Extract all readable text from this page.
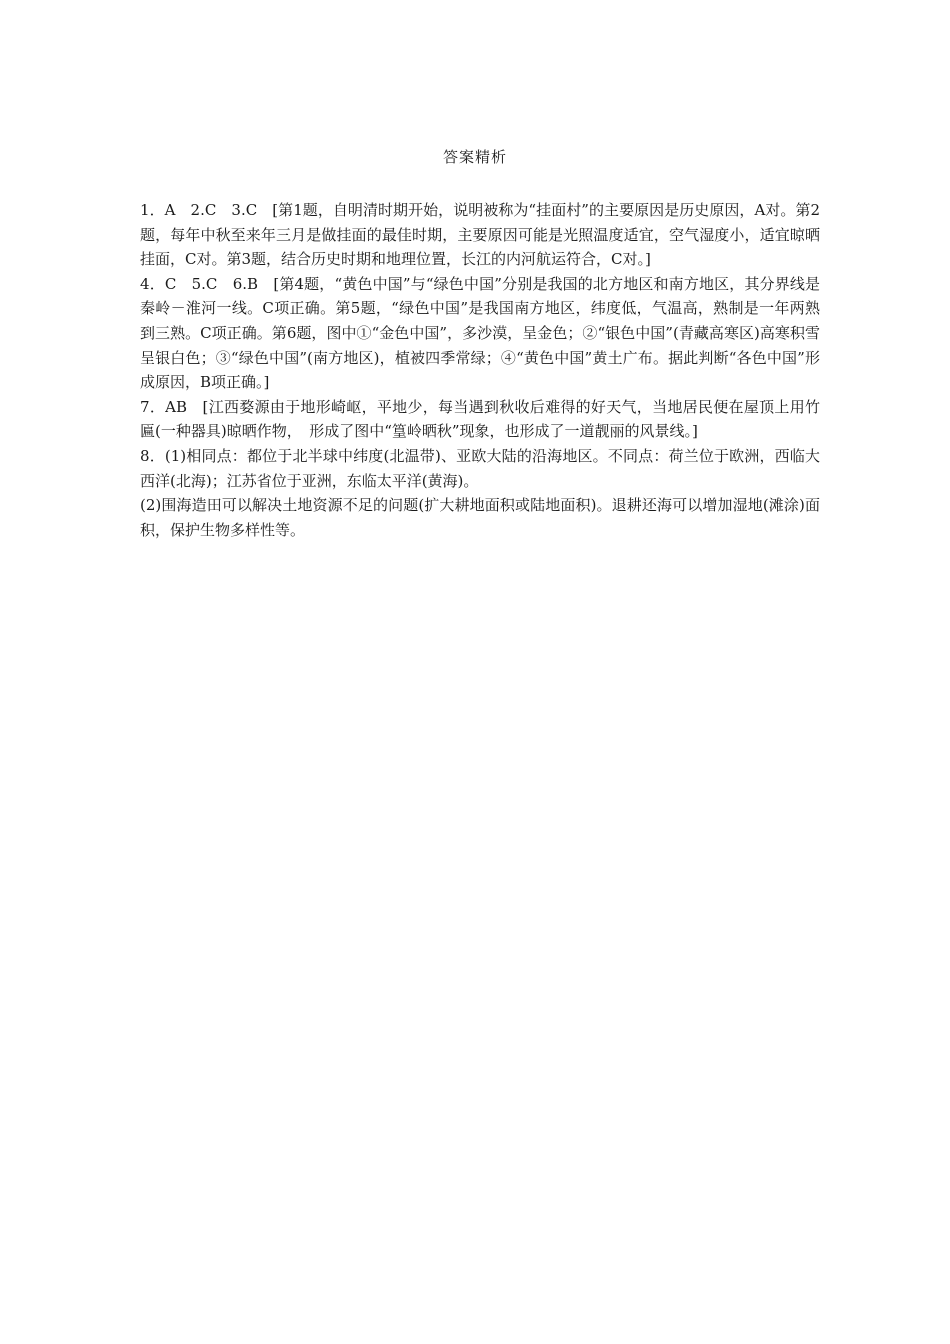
答案精析

1．A　2.C　3.C　[第1题，自明清时期开始，说明被称为“挂面村”的主要原因是历史原因，A对。第2题，每年中秋至来年三月是做挂面的最佳时期，主要原因可能是光照温度适宜，空气湿度小，适宜晾晒挂面，C对。第3题，结合历史时期和地理位置，长江的内河航运符合，C对。]

4．C　5.C　6.B　[第4题，“黄色中国”与“绿色中国”分别是我国的北方地区和南方地区，其分界线是秦岭－淮河一线。C项正确。第5题，“绿色中国”是我国南方地区，纬度低，气温高，熟制是一年两熟到三熟。C项正确。第6题，图中①“金色中国”，多沙漠，呈金色；②“银色中国”(青藏高寒区)高寒积雪呈银白色；③“绿色中国”(南方地区)，植被四季常绿；④“黄色中国”黄土广布。据此判断“各色中国”形成原因，B项正确。]

7．AB　[江西婺源由于地形崎岖，平地少，每当遇到秋收后难得的好天气，当地居民便在屋顶上用竹匾(一种器具)晾晒作物，　形成了图中“篁岭晒秋”现象，也形成了一道靓丽的风景线。]

8．(1)相同点：都位于北半球中纬度(北温带)、亚欧大陆的沿海地区。不同点：荷兰位于欧洲，西临大西洋(北海)；江苏省位于亚洲，东临太平洋(黄海)。

(2)围海造田可以解决土地资源不足的问题(扩大耕地面积或陆地面积)。退耕还海可以增加湿地(滩涂)面积，保护生物多样性等。
